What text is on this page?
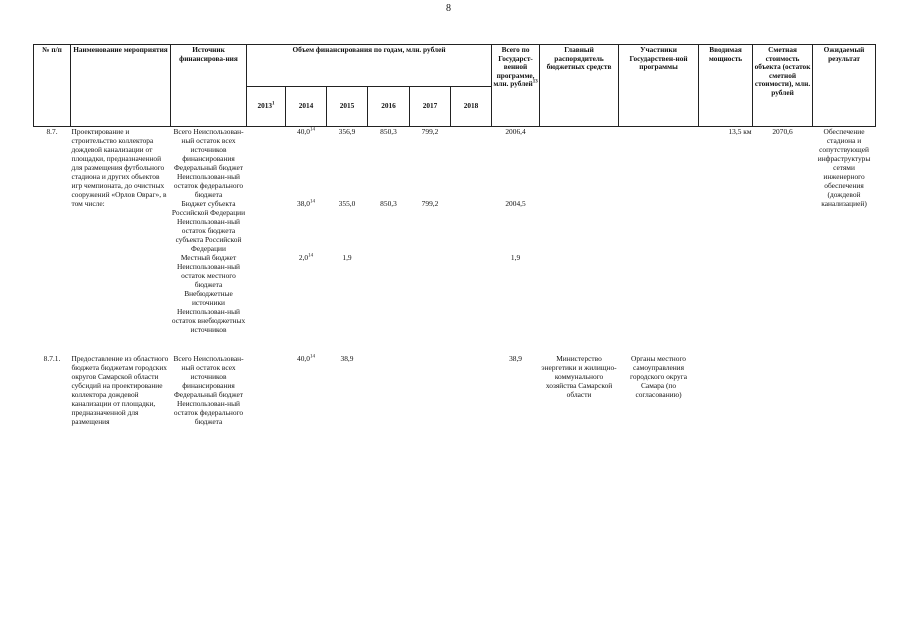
8
№ п/п	Наименование мероприятия	Источник финансирова-ния	Объем финансирования по годам, млн. рублей						Всего по Государст-венной программе, млн. рублей$^{13}$	Главный распорядитель бюджетных средств	Участники Государствен-ной программы	Вводимая мощность	Сметная стоимость объекта (остаток сметной стоимости), млн. рублей	Ожидаемый результат
			2013$^1$	2014	2015	2016	2017	2018						
8.7.	Проектирование и строительство коллектора дождевой канализации от площадки, предназначенной для размещения футбольного стадиона и других объектов игр чемпионата, до очистных сооружений «Орлов Овраг», в том числе:	Всего Неиспользован-ный остаток всех источников финансирования Федеральный бюджет Неиспользован-ный остаток федерального бюджета		40,0$^{14}$	356,9	850,3	799,2		2006,4			13,5 км	2070,6	Обеспечение стадиона и сопутствующей инфраструктуры сетями инженерного обеспечения (дождевой канализацией)
		Бюджет субъекта Российской Федерации Неиспользован-ный остаток бюджета субъекта Российской Федерации		38,0$^{14}$	355,0	850,3	799,2		2004,5					
		Местный бюджет Неиспользован-ный остаток местного бюджета Внебюджетные источники Неиспользован-ный остаток внебюджетных источников		$2,0^{14}$	1,9				1,9					

8.7.1.	Предоставление из областного бюджета бюджетам городских округов Самарской области субсидий на проектирование коллектора дождевой канализации от площадки, предназначенной для размещения	Всего Неиспользован-ный остаток всех источников финансирования Федеральный бюджет Неиспользован-ный остаток федерального бюджета		40,0$^{14}$	38,9				38,9	Министерство энергетики и жилищно-коммунального хозяйства Самарской области	Органы местного самоуправления городского округа Самара (по согласованию)			
